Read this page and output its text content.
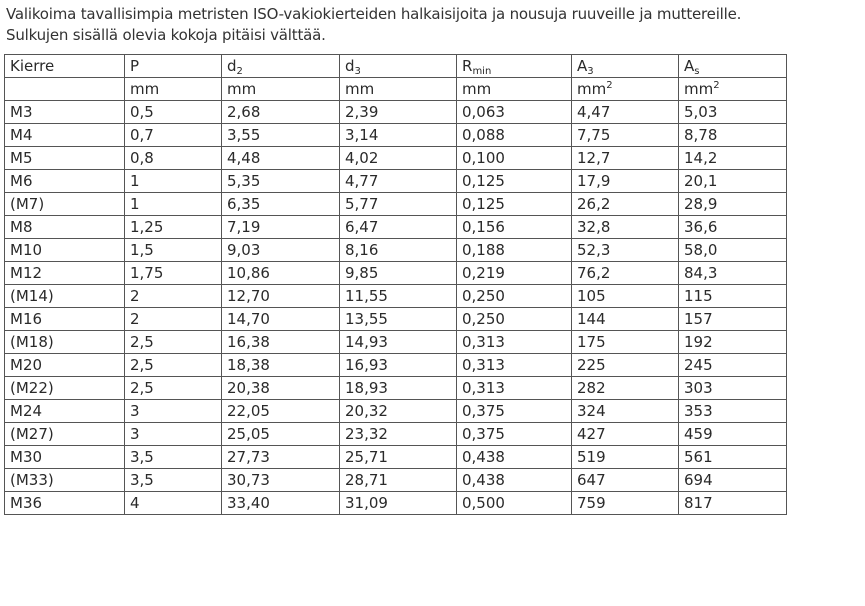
Valikoima tavallisimpia metristen ISO-vakiokierteiden halkaisijoita ja nousuja ruuveille ja muttereille.
Sulkujen sisällä olevia kokoja pitäisi välttää.
Kierre	P	$d_2$	$d_3$	$R_{min}$	$A_3$	$A_s$
	mm	mm	mm	mm	$mm^2$	$mm^2$
M3	0,5	2,68	2,39	0,063	4,47	5,03
M4	0,7	3,55	3,14	0,088	7,75	8,78
M5	0,8	4,48	4,02	0,100	12,7	14,2
M6	1	5,35	4,77	0,125	17,9	20,1
(M7)	1	6,35	5,77	0,125	26,2	28,9
M8	1,25	7,19	6,47	0,156	32,8	36,6
M10	1,5	9,03	8,16	0,188	52,3	58,0
M12	1,75	10,86	9,85	0,219	76,2	84,3
(M14)	2	12,70	11,55	0,250	105	115
M16	2	14,70	13,55	0,250	144	157
(M18)	2,5	16,38	14,93	0,313	175	192
M20	2,5	18,38	16,93	0,313	225	245
(M22)	2,5	20,38	18,93	0,313	282	303
M24	3	22,05	20,32	0,375	324	353
(M27)	3	25,05	23,32	0,375	427	459
M30	3,5	27,73	25,71	0,438	519	561
(M33)	3,5	30,73	28,71	0,438	647	694
M36	4	33,40	31,09	0,500	759	817
